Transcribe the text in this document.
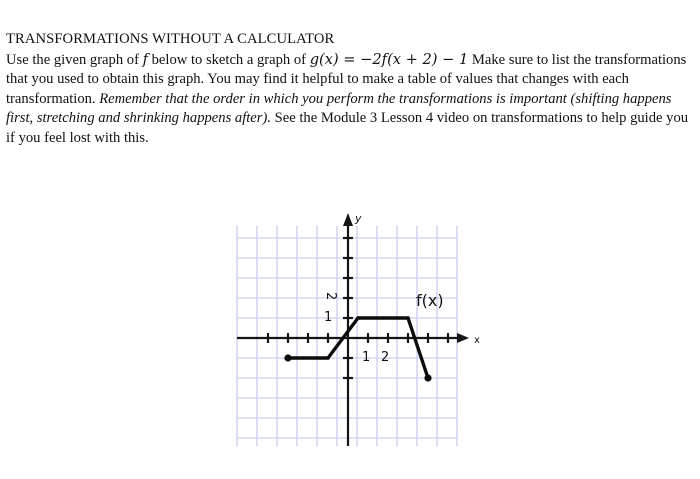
TRANSFORMATIONS WITHOUT A CALCULATOR

Use the given graph of f below to sketch a graph of g(x) = −2f(x + 2) − 1 Make sure to list the transformations that you used to obtain this graph. You may find it helpful to make a table of values that changes with each transformation. Remember that the order in which you perform the transformations is important (shifting happens first, stretching and shrinking happens after). See the Module 3 Lesson 4 video on transformations to help guide you if you feel lost with this.

y
x
2
1
1 2
f(x)
